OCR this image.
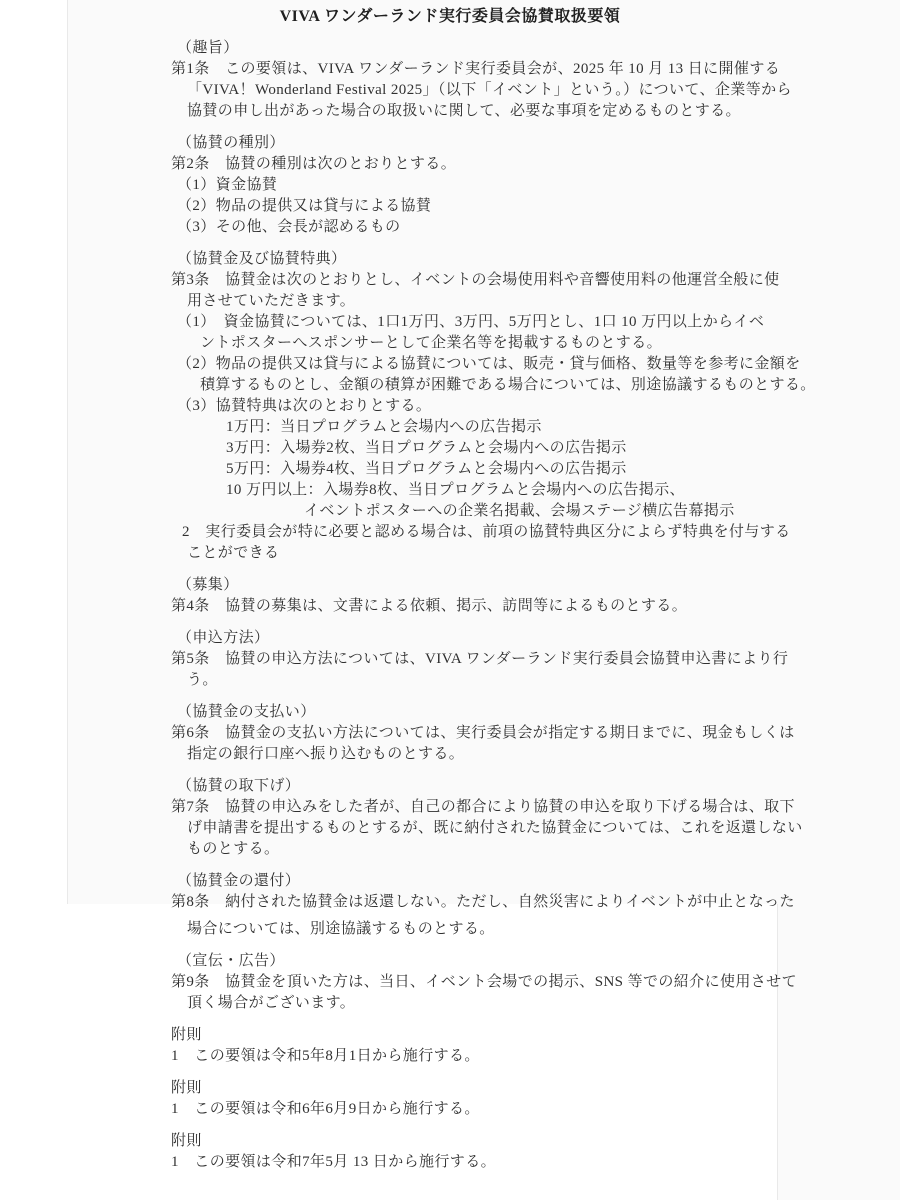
VIVA ワンダーランド実行委員会協賛取扱要領
（趣旨）
第1条　この要領は、VIVA ワンダーランド実行委員会が、2025 年 10 月 13 日に開催する
「VIVA！Wonderland Festival 2025」（以下「イベント」という。）について、企業等から
協賛の申し出があった場合の取扱いに関して、必要な事項を定めるものとする。
（協賛の種別）
第2条　協賛の種別は次のとおりとする。
（1）資金協賛
（2）物品の提供又は貸与による協賛
（3）その他、会長が認めるもの
（協賛金及び協賛特典）
第3条　協賛金は次のとおりとし、イベントの会場使用料や音響使用料の他運営全般に使
用させていただきます。
（1）　資金協賛については、1口1万円、3万円、5万円とし、1口 10 万円以上からイベ
ントポスターへスポンサーとして企業名等を掲載するものとする。
（2）物品の提供又は貸与による協賛については、販売・貸与価格、数量等を参考に金額を
積算するものとし、金額の積算が困難である場合については、別途協議するものとする。
（3）協賛特典は次のとおりとする。
1万円：当日プログラムと会場内への広告掲示
3万円：入場券2枚、当日プログラムと会場内への広告掲示
5万円：入場券4枚、当日プログラムと会場内への広告掲示
10 万円以上：入場券8枚、当日プログラムと会場内への広告掲示、
イベントポスターへの企業名掲載、会場ステージ横広告幕掲示
2　実行委員会が特に必要と認める場合は、前項の協賛特典区分によらず特典を付与する
ことができる
（募集）
第4条　協賛の募集は、文書による依頼、掲示、訪問等によるものとする。
（申込方法）
第5条　協賛の申込方法については、VIVA ワンダーランド実行委員会協賛申込書により行
う。
（協賛金の支払い）
第6条　協賛金の支払い方法については、実行委員会が指定する期日までに、現金もしくは
指定の銀行口座へ振り込むものとする。
（協賛の取下げ）
第7条　協賛の申込みをした者が、自己の都合により協賛の申込を取り下げる場合は、取下
げ申請書を提出するものとするが、既に納付された協賛金については、これを返還しない
ものとする。
（協賛金の還付）
第8条　納付された協賛金は返還しない。ただし、自然災害によりイベントが中止となった
場合については、別途協議するものとする。
（宣伝・広告）
第9条　協賛金を頂いた方は、当日、イベント会場での掲示、SNS 等での紹介に使用させて
頂く場合がございます。
附則
1　この要領は令和5年8月1日から施行する。
附則
1　この要領は令和6年6月9日から施行する。
附則
1　この要領は令和7年5月 13 日から施行する。
